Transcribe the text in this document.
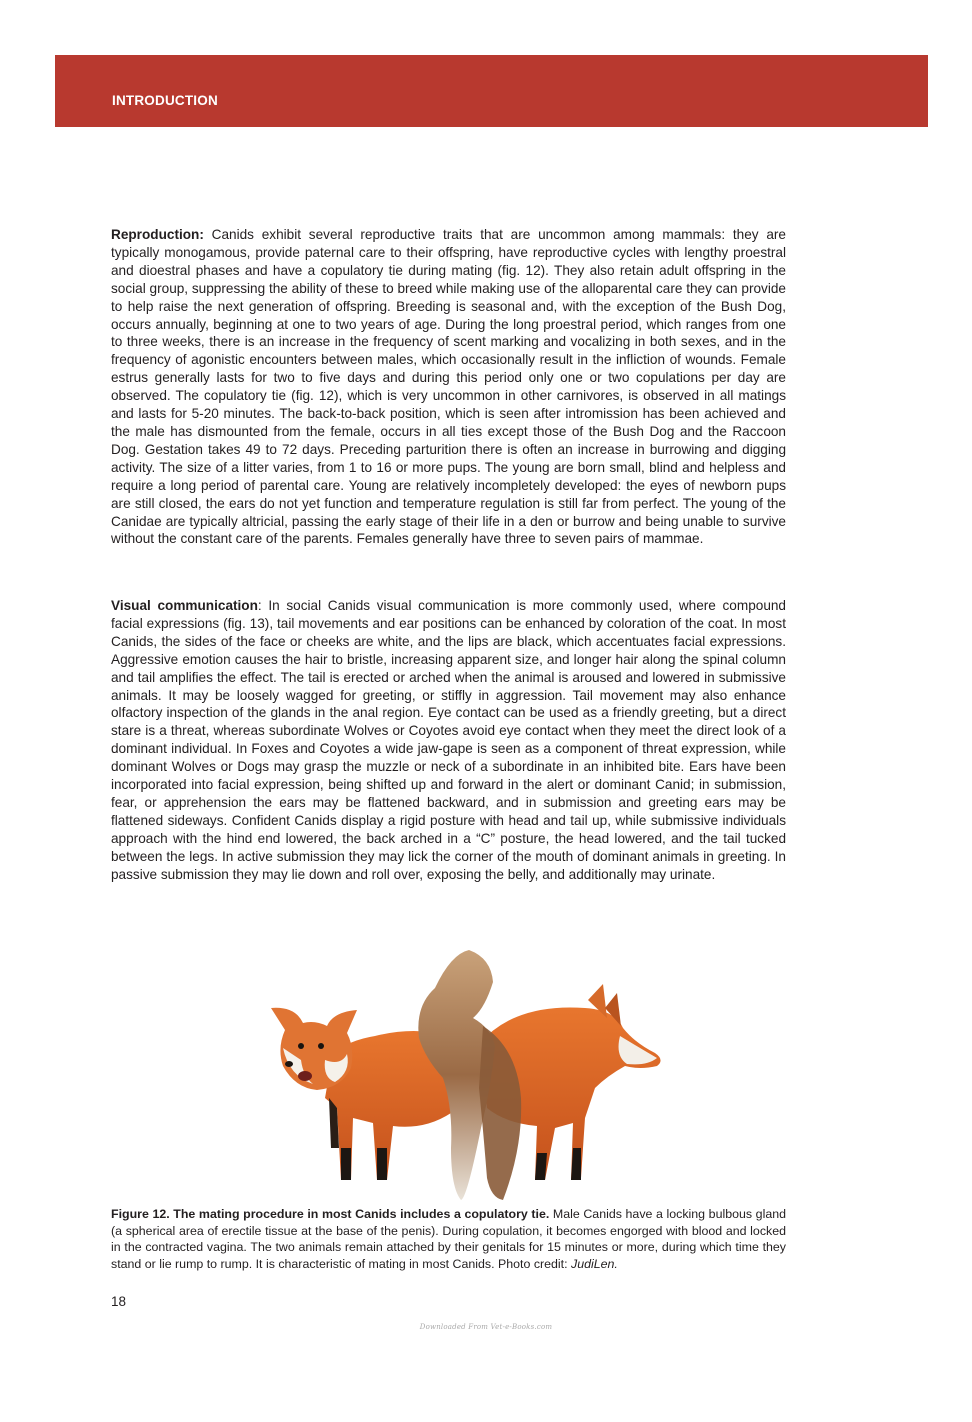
INTRODUCTION

Reproduction: Canids exhibit several reproductive traits that are uncommon among mammals: they are typically monogamous, provide paternal care to their offspring, have reproductive cycles with lengthy proestral and dioestral phases and have a copulatory tie during mating (fig. 12). They also retain adult offspring in the social group, suppressing the ability of these to breed while making use of the alloparental care they can provide to help raise the next generation of offspring. Breeding is seasonal and, with the exception of the Bush Dog, occurs annually, beginning at one to two years of age. During the long proestral period, which ranges from one to three weeks, there is an increase in the frequency of scent marking and vocalizing in both sexes, and in the frequency of agonistic encounters between males, which occasionally result in the infliction of wounds. Female estrus generally lasts for two to five days and during this period only one or two copulations per day are observed. The copulatory tie (fig. 12), which is very uncommon in other carnivores, is observed in all matings and lasts for 5-20 minutes. The back-to-back position, which is seen after intromission has been achieved and the male has dismounted from the female, occurs in all ties except those of the Bush Dog and the Raccoon Dog. Gestation takes 49 to 72 days. Preceding parturition there is often an increase in burrowing and digging activity. The size of a litter varies, from 1 to 16 or more pups. The young are born small, blind and helpless and require a long period of parental care. Young are relatively incompletely developed: the eyes of newborn pups are still closed, the ears do not yet function and temperature regulation is still far from perfect. The young of the Canidae are typically altricial, passing the early stage of their life in a den or burrow and being unable to survive without the constant care of the parents. Females generally have three to seven pairs of mammae.

Visual communication: In social Canids visual communication is more commonly used, where compound facial expressions (fig. 13), tail movements and ear positions can be enhanced by coloration of the coat. In most Canids, the sides of the face or cheeks are white, and the lips are black, which accentuates facial expressions. Aggressive emotion causes the hair to bristle, increasing apparent size, and longer hair along the spinal column and tail amplifies the effect. The tail is erected or arched when the animal is aroused and lowered in submissive animals. It may be loosely wagged for greeting, or stiffly in aggression. Tail movement may also enhance olfactory inspection of the glands in the anal region. Eye contact can be used as a friendly greeting, but a direct stare is a threat, whereas subordinate Wolves or Coyotes avoid eye contact when they meet the direct look of a dominant individual. In Foxes and Coyotes a wide jaw-gape is seen as a component of threat expression, while dominant Wolves or Dogs may grasp the muzzle or neck of a subordinate in an inhibited bite. Ears have been incorporated into facial expression, being shifted up and forward in the alert or dominant Canid; in submission, fear, or apprehension the ears may be flattened backward, and in submission and greeting ears may be flattened sideways. Confident Canids display a rigid posture with head and tail up, while submissive individuals approach with the hind end lowered, the back arched in a “C” posture, the head lowered, and the tail tucked between the legs. In active submission they may lick the corner of the mouth of dominant animals in greeting. In passive submission they may lie down and roll over, exposing the belly, and additionally may urinate.

Figure 12. The mating procedure in most Canids includes a copulatory tie. Male Canids have a locking bulbous gland (a spherical area of erectile tissue at the base of the penis). During copulation, it becomes engorged with blood and locked in the contracted vagina. The two animals remain attached by their genitals for 15 minutes or more, during which time they stand or lie rump to rump. It is characteristic of mating in most Canids. Photo credit: JudiLen.

18
Downloaded From Vet-e-Books.com
